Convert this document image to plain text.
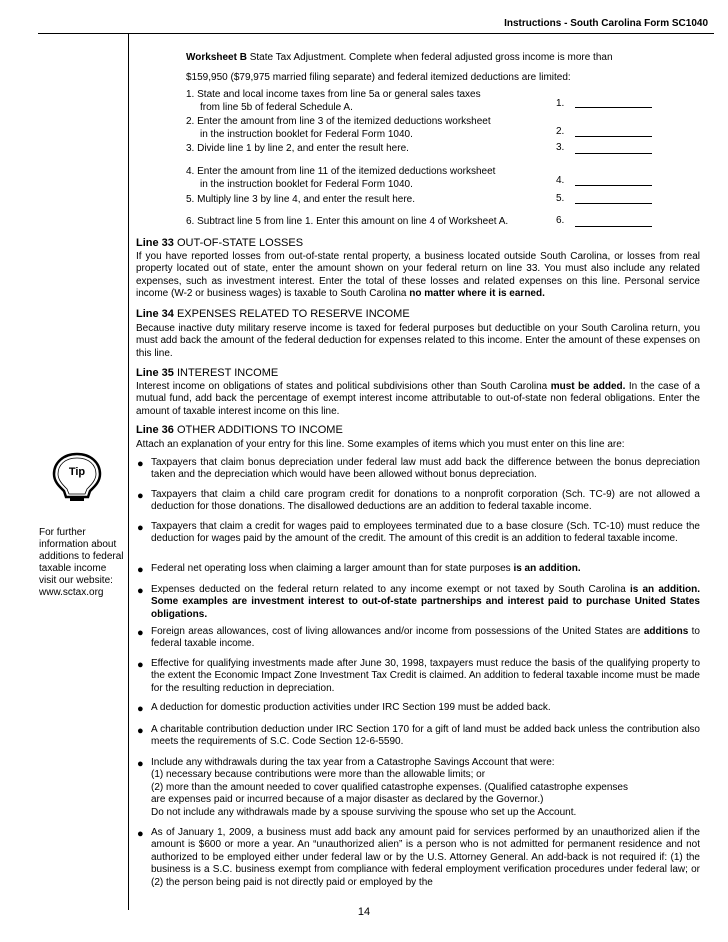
Instructions - South Carolina Form SC1040
Worksheet B State Tax Adjustment. Complete when federal adjusted gross income is more than
$159,950 ($79,975 married filing separate) and federal itemized deductions are limited:
1. State and local income taxes from line 5a or general sales taxes
from line 5b of federal Schedule A.	1.
2. Enter the amount from line 3 of the itemized deductions worksheet
in the instruction booklet for Federal Form 1040.	2.
3. Divide line 1 by line 2, and enter the result here.	3.
4. Enter the amount from line 11 of the itemized deductions worksheet
in the instruction booklet for Federal Form 1040.	4.
5. Multiply line 3 by line 4, and enter the result here.	5.
6. Subtract line 5 from line 1. Enter this amount on line 4 of Worksheet A.	6.
Line 33 OUT-OF-STATE LOSSES
If you have reported losses from out-of-state rental property, a business located outside South Carolina, or losses from real property located out of state, enter the amount shown on your federal return on line 33. You must also include any related expenses, such as investment interest. Enter the total of these losses and related expenses on this line. Personal service income (W-2 or business wages) is taxable to South Carolina no matter where it is earned.
Line 34 EXPENSES RELATED TO RESERVE INCOME
Because inactive duty military reserve income is taxed for federal purposes but deductible on your South Carolina return, you must add back the amount of the federal deduction for expenses related to this income. Enter the amount of these expenses on this line.
Line 35 INTEREST INCOME
Interest income on obligations of states and political subdivisions other than South Carolina must be added. In the case of a mutual fund, add back the percentage of exempt interest income attributable to out-of-state non federal obligations. Enter the amount of taxable interest income on this line.
Line 36 OTHER ADDITIONS TO INCOME
Attach an explanation of your entry for this line. Some examples of items which you must enter on this line are:
Tip
For further information about additions to federal taxable income visit our website: www.sctax.org
● Taxpayers that claim bonus depreciation under federal law must add back the difference between the bonus depreciation taken and the depreciation which would have been allowed without bonus depreciation.
● Taxpayers that claim a child care program credit for donations to a nonprofit corporation (Sch. TC-9) are not allowed a deduction for those donations. The disallowed deductions are an addition to federal taxable income.
● Taxpayers that claim a credit for wages paid to employees terminated due to a base closure (Sch. TC-10) must reduce the deduction for wages paid by the amount of the credit. The amount of this credit is an addition to federal taxable income.
● Federal net operating loss when claiming a larger amount than for state purposes is an addition.
● Expenses deducted on the federal return related to any income exempt or not taxed by South Carolina is an addition. Some examples are investment interest to out-of-state partnerships and interest paid to purchase United States obligations.
● Foreign areas allowances, cost of living allowances and/or income from possessions of the United States are additions to federal taxable income.
● Effective for qualifying investments made after June 30, 1998, taxpayers must reduce the basis of the qualifying property to the extent the Economic Impact Zone Investment Tax Credit is claimed. An addition to federal taxable income must be made for the resulting reduction in depreciation.
● A deduction for domestic production activities under IRC Section 199 must be added back.
● A charitable contribution deduction under IRC Section 170 for a gift of land must be added back unless the contribution also meets the requirements of S.C. Code Section 12-6-5590.
● Include any withdrawals during the tax year from a Catastrophe Savings Account that were:
(1) necessary because contributions were more than the allowable limits; or
(2) more than the amount needed to cover qualified catastrophe expenses. (Qualified catastrophe expenses
are expenses paid or incurred because of a major disaster as declared by the Governor.)
Do not include any withdrawals made by a spouse surviving the spouse who set up the Account.
● As of January 1, 2009, a business must add back any amount paid for services performed by an unauthorized alien if the amount is $600 or more a year. An “unauthorized alien” is a person who is not admitted for permanent residence and not authorized to be employed either under federal law or by the U.S. Attorney General. An add-back is not required if: (1) the business is a S.C. business exempt from compliance with federal employment verification procedures under federal law; or (2) the person being paid is not directly paid or employed by the
14
